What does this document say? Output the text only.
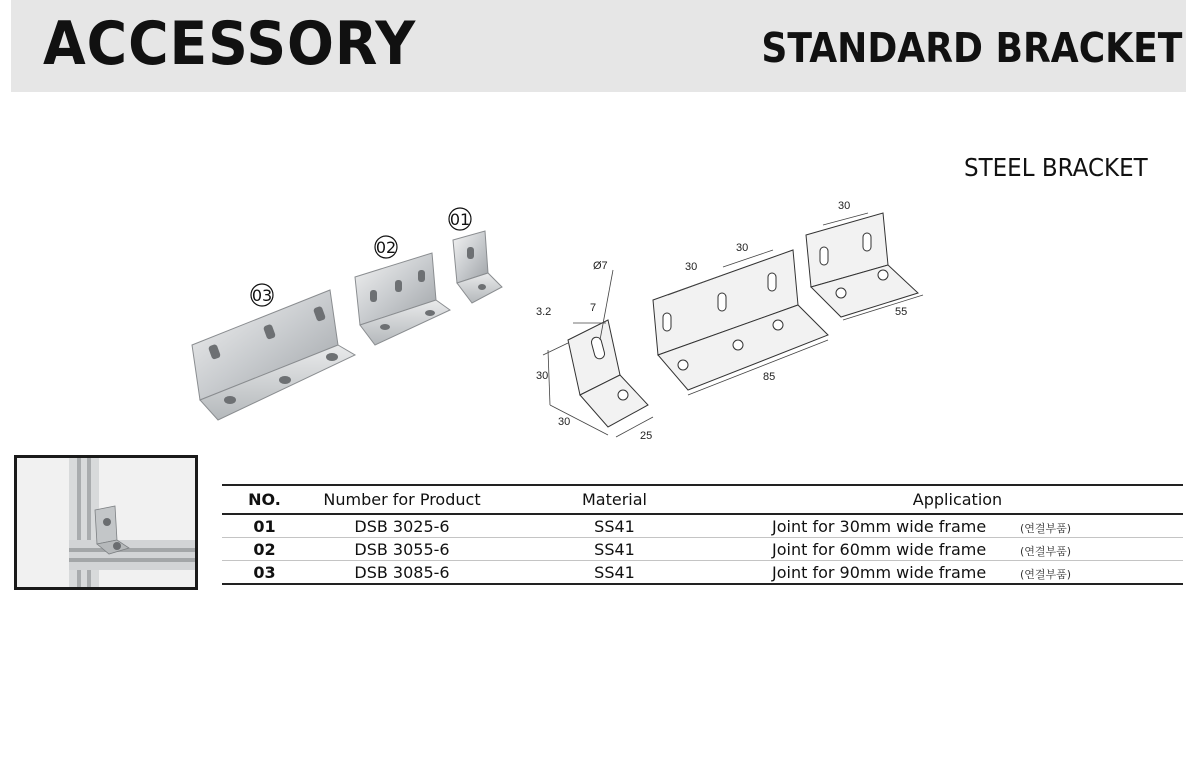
ACCESSORY	STANDARD BRACKET
STEEL BRACKET
03
02
01
Ø7
3.2	7
30
30
25
85
55
30
30
30
NO.	Number for Product	Material	Application
01	DSB 3025-6	SS41	Joint for 30mm wide frame (연결부품)
02	DSB 3055-6	SS41	Joint for 60mm wide frame (연결부품)
03	DSB 3085-6	SS41	Joint for 90mm wide frame (연결부품)
